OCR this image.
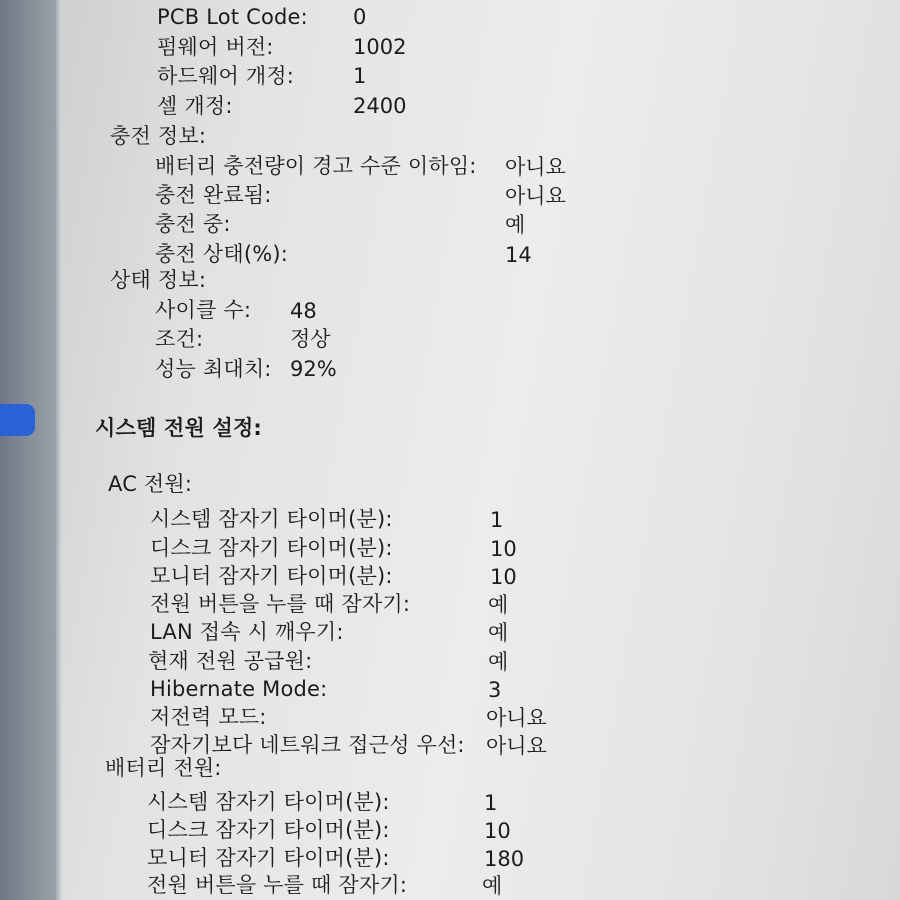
PCB Lot Code: 0
펌웨어 버전:	1002
하드웨어 개정:	1
셀 개정:	2400
충전 정보:
배터리 충전량이 경고 수준 이하임: 아니요
충전 완료됨:	아니요
충전 중:	예
충전 상태(%):	14
상태 정보:
사이클 수: 48
조건:	정상
성능 최대치: 92%
시스템 전원 설정:
AC 전원:
시스템 잠자기 타이머(분):	1
디스크 잠자기 타이머(분):	10
모니터 잠자기 타이머(분):	10
전원 버튼을 누를 때 잠자기:	예
LAN 접속 시 깨우기:	예
현재 전원 공급원:	예
Hibernate Mode:	3
저전력 모드:	아니요
잠자기보다 네트워크 접근성 우선: 아니요
배터리 전원:
시스템 잠자기 타이머(분):	1
디스크 잠자기 타이머(분):	10
모니터 잠자기 타이머(분):	180
전원 버튼을 누를 때 잠자기:	예
